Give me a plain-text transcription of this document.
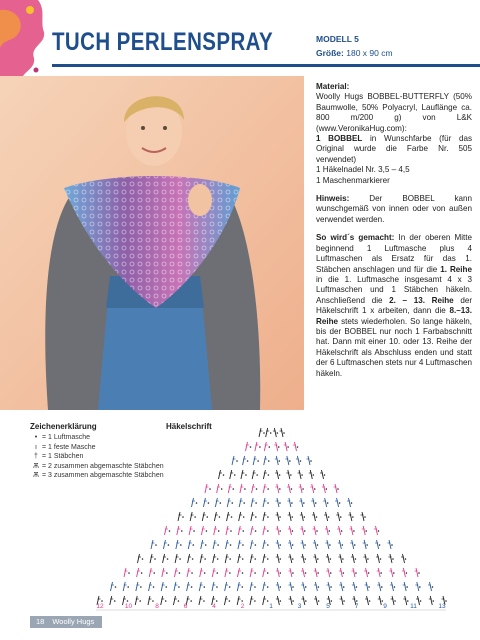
TUCH PERLENSPRAY	MODELL 5
Größe: 180 x 90 cm

Material:
Woolly Hugs BOBBEL-BUTTERFLY (50% Baumwolle, 50% Polyacryl, Lauflänge ca. 800 m/200 g) von L&K (www.VeronikaHug.com):
1 BOBBEL in Wunschfarbe (für das Original wurde die Farbe Nr. 505 verwendet)
1 Häkelnadel Nr. 3,5 – 4,5
1 Maschenmarkierer

Hinweis: Der BOBBEL kann wunschgemäß von innen oder von außen verwendet werden.

So wird´s gemacht: In der oberen Mitte beginnend 1 Luftmasche plus 4 Luftmaschen als Ersatz für das 1. Stäbchen anschlagen und für die 1. Reihe in die 1. Luftmasche insgesamt 4 x 3 Luftmaschen und 1 Stäbchen häkeln. Anschließend die 2. – 13. Reihe der Häkelschrift 1 x arbeiten, dann die 8.–13. Reihe stets wiederholen. So lange häkeln, bis der BOBBEL nur noch 1 Farbabschnitt hat. Dann mit einer 10. oder 13. Reihe der Häkelschrift als Abschluss enden und statt der 6 Luftmaschen stets nur 4 Luftmaschen häkeln.

Zeichenerklärung
• = 1 Luftmasche
ı = 1 feste Masche
† = 1 Stäbchen
Ѫ = 2 zusammen abgemaschte Stäbchen
Ѫ = 3 zusammen abgemaschte Stäbchen
Häkelschrift
12	10	8	6	4	2	1	3	5	7	9	11	13
18 Woolly Hugs
